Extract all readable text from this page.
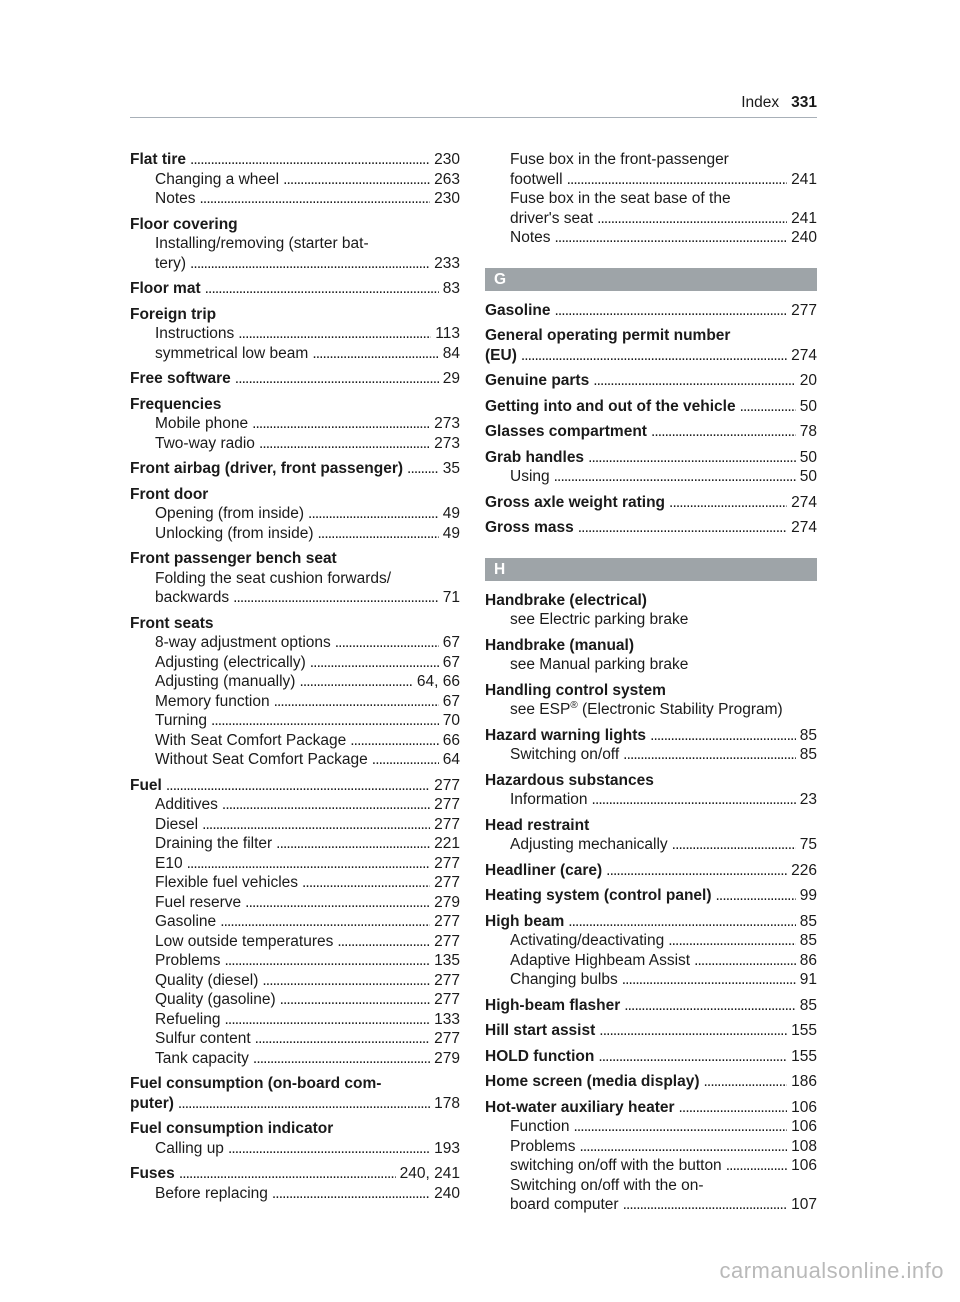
Index 331
Flat tire . . .	230
Changing a wheel . . .	263
Notes . . .	230
Floor covering
Installing/removing (starter bat-
tery) . . .	233
Floor mat . . .	83
Foreign trip
Instructions . . .	113
symmetrical low beam . . .	84
Free software . . .	29
Frequencies
Mobile phone . . .	273
Two-way radio . . .	273
Front airbag (driver, front passenger) . . .	35
Front door
Opening (from inside) . . .	49
Unlocking (from inside) . . .	49
Front passenger bench seat
Folding the seat cushion forwards/
backwards . . .	71
Front seats
8-way adjustment options . . .	67
Adjusting (electrically) . . .	67
Adjusting (manually) . . .	64, 66
Memory function . . .	67
Turning . . .	70
With Seat Comfort Package . . .	66
Without Seat Comfort Package . . .	64
Fuel . . .	277
Additives . . .	277
Diesel . . .	277
Draining the filter . . .	221
E10 . . .	277
Flexible fuel vehicles . . .	277
Fuel reserve . . .	279
Gasoline . . .	277
Low outside temperatures . . .	277
Problems . . .	135
Quality (diesel) . . .	277
Quality (gasoline) . . .	277
Refueling . . .	133
Sulfur content . . .	277
Tank capacity . . .	279
Fuel consumption (on-board com-
puter) . . .	178
Fuel consumption indicator
Calling up . . .	193
Fuses . . .	240, 241
Before replacing . . .	240
Fuse box in the front-passenger
footwell . . .	241
Fuse box in the seat base of the
driver's seat . . .	241
Notes . . .	240
G
Gasoline . . .	277
General operating permit number
(EU) . . .	274
Genuine parts . . .	20
Getting into and out of the vehicle . . .	50
Glasses compartment . . .	78
Grab handles . . .	50
Using . . .	50
Gross axle weight rating . . .	274
Gross mass . . .	274
H
Handbrake (electrical)
see Electric parking brake
Handbrake (manual)
see Manual parking brake
Handling control system
see ESP® (Electronic Stability Program)
Hazard warning lights . . .	85
Switching on/off . . .	85
Hazardous substances
Information . . .	23
Head restraint
Adjusting mechanically . . .	75
Headliner (care) . . .	226
Heating system (control panel) . . .	99
High beam . . .	85
Activating/deactivating . . .	85
Adaptive Highbeam Assist . . .	86
Changing bulbs . . .	91
High-beam flasher . . .	85
Hill start assist . . .	155
HOLD function . . .	155
Home screen (media display) . . .	186
Hot-water auxiliary heater . . .	106
Function . . .	106
Problems . . .	108
switching on/off with the button . . .	106
Switching on/off with the on-
board computer . . .	107
carmanualsonline.info
